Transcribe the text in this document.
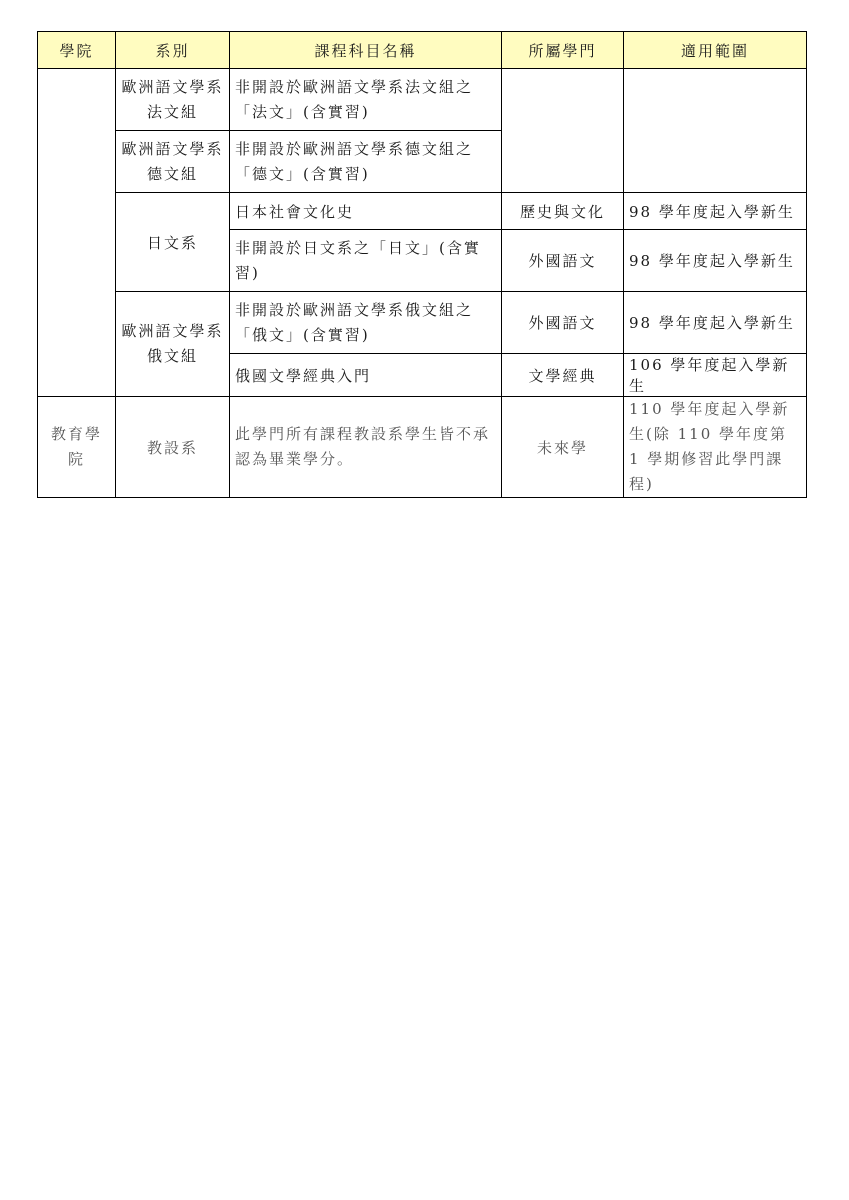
學院	系別	課程科目名稱	所屬學門	適用範圍
	歐洲語文學系法文組	非開設於歐洲語文學系法文組之「法文」(含實習)		
	歐洲語文學系德文組	非開設於歐洲語文學系德文組之「德文」(含實習)		
	日文系	日本社會文化史	歷史與文化	98 學年度起入學新生
		非開設於日文系之「日文」(含實習)	外國語文	98 學年度起入學新生
	歐洲語文學系俄文組	非開設於歐洲語文學系俄文組之「俄文」(含實習)	外國語文	98 學年度起入學新生
		俄國文學經典入門	文學經典	106 學年度起入學新生
教育學院	教設系	此學門所有課程教設系學生皆不承認為畢業學分。	未來學	110 學年度起入學新生(除 110 學年度第 1 學期修習此學門課程)
